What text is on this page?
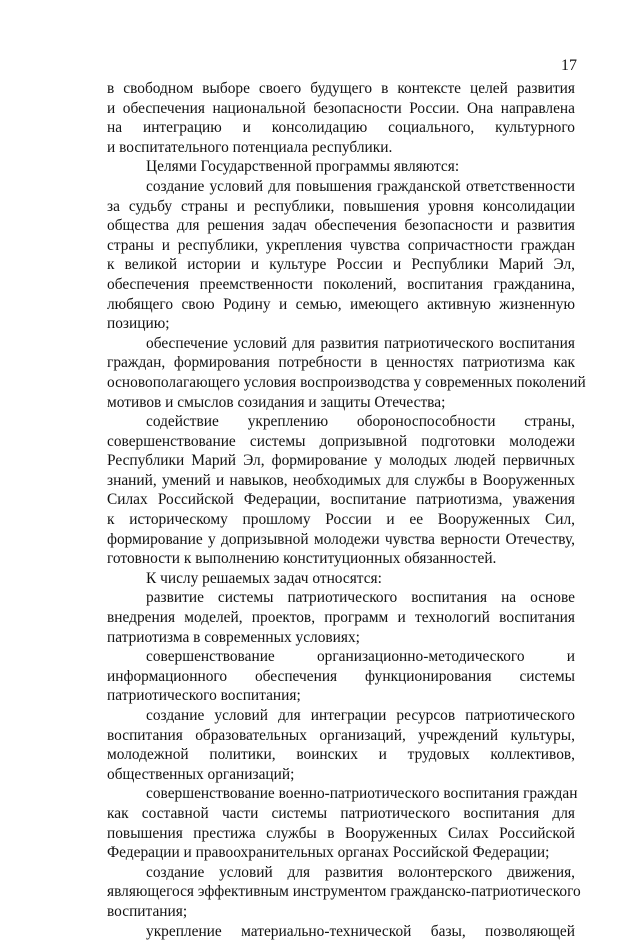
17
в свободном выборе своего будущего в контексте целей развития
и обеспечения национальной безопасности России. Она направлена
на интеграцию и консолидацию социального, культурного
и воспитательного потенциала республики.
Целями Государственной программы являются:
создание условий для повышения гражданской ответственности
за судьбу страны и республики, повышения уровня консолидации
общества для решения задач обеспечения безопасности и развития
страны и республики, укрепления чувства сопричастности граждан
к великой истории и культуре России и Республики Марий Эл,
обеспечения преемственности поколений, воспитания гражданина,
любящего свою Родину и семью, имеющего активную жизненную
позицию;
обеспечение условий для развития патриотического воспитания
граждан, формирования потребности в ценностях патриотизма как
основополагающего условия воспроизводства у современных поколений
мотивов и смыслов созидания и защиты Отечества;
содействие укреплению обороноспособности страны,
совершенствование системы допризывной подготовки молодежи
Республики Марий Эл, формирование у молодых людей первичных
знаний, умений и навыков, необходимых для службы в Вооруженных
Силах Российской Федерации, воспитание патриотизма, уважения
к историческому прошлому России и ее Вооруженных Сил,
формирование у допризывной молодежи чувства верности Отечеству,
готовности к выполнению конституционных обязанностей.
К числу решаемых задач относятся:
развитие системы патриотического воспитания на основе
внедрения моделей, проектов, программ и технологий воспитания
патриотизма в современных условиях;
совершенствование организационно-методического и
информационного обеспечения функционирования системы
патриотического воспитания;
создание условий для интеграции ресурсов патриотического
воспитания образовательных организаций, учреждений культуры,
молодежной политики, воинских и трудовых коллективов,
общественных организаций;
совершенствование военно-патриотического воспитания граждан
как составной части системы патриотического воспитания для
повышения престижа службы в Вооруженных Силах Российской
Федерации и правоохранительных органах Российской Федерации;
создание условий для развития волонтерского движения,
являющегося эффективным инструментом гражданско-патриотического
воспитания;
укрепление материально-технической базы, позволяющей
